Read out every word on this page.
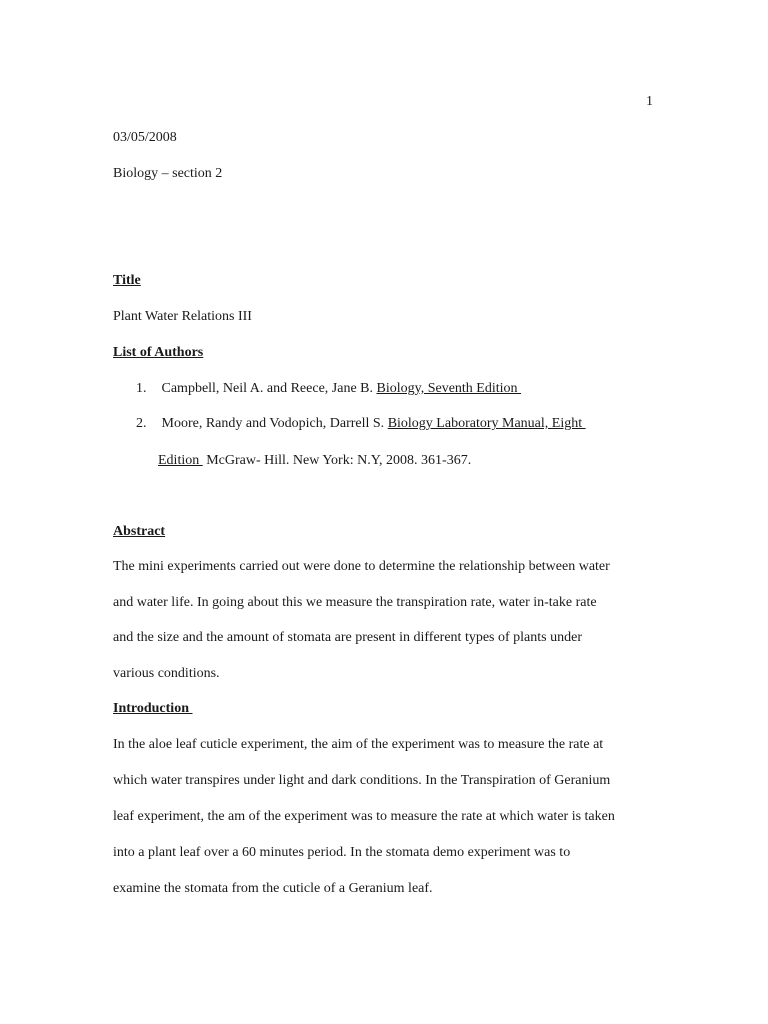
1
03/05/2008
Biology – section 2
Title
Plant Water Relations III
List of Authors
1. Campbell, Neil A. and Reece, Jane B. Biology, Seventh Edition
2. Moore, Randy and Vodopich, Darrell S. Biology Laboratory Manual, Eight
Edition  McGraw- Hill. New York: N.Y, 2008. 361-367.
Abstract
The mini experiments carried out were done to determine the relationship between water
and water life. In going about this we measure the transpiration rate, water in-take rate
and the size and the amount of stomata are present in different types of plants under
various conditions.
Introduction
In the aloe leaf cuticle experiment, the aim of the experiment was to measure the rate at
which water transpires under light and dark conditions. In the Transpiration of Geranium
leaf experiment, the am of the experiment was to measure the rate at which water is taken
into a plant leaf over a 60 minutes period. In the stomata demo experiment was to
examine the stomata from the cuticle of a Geranium leaf.
